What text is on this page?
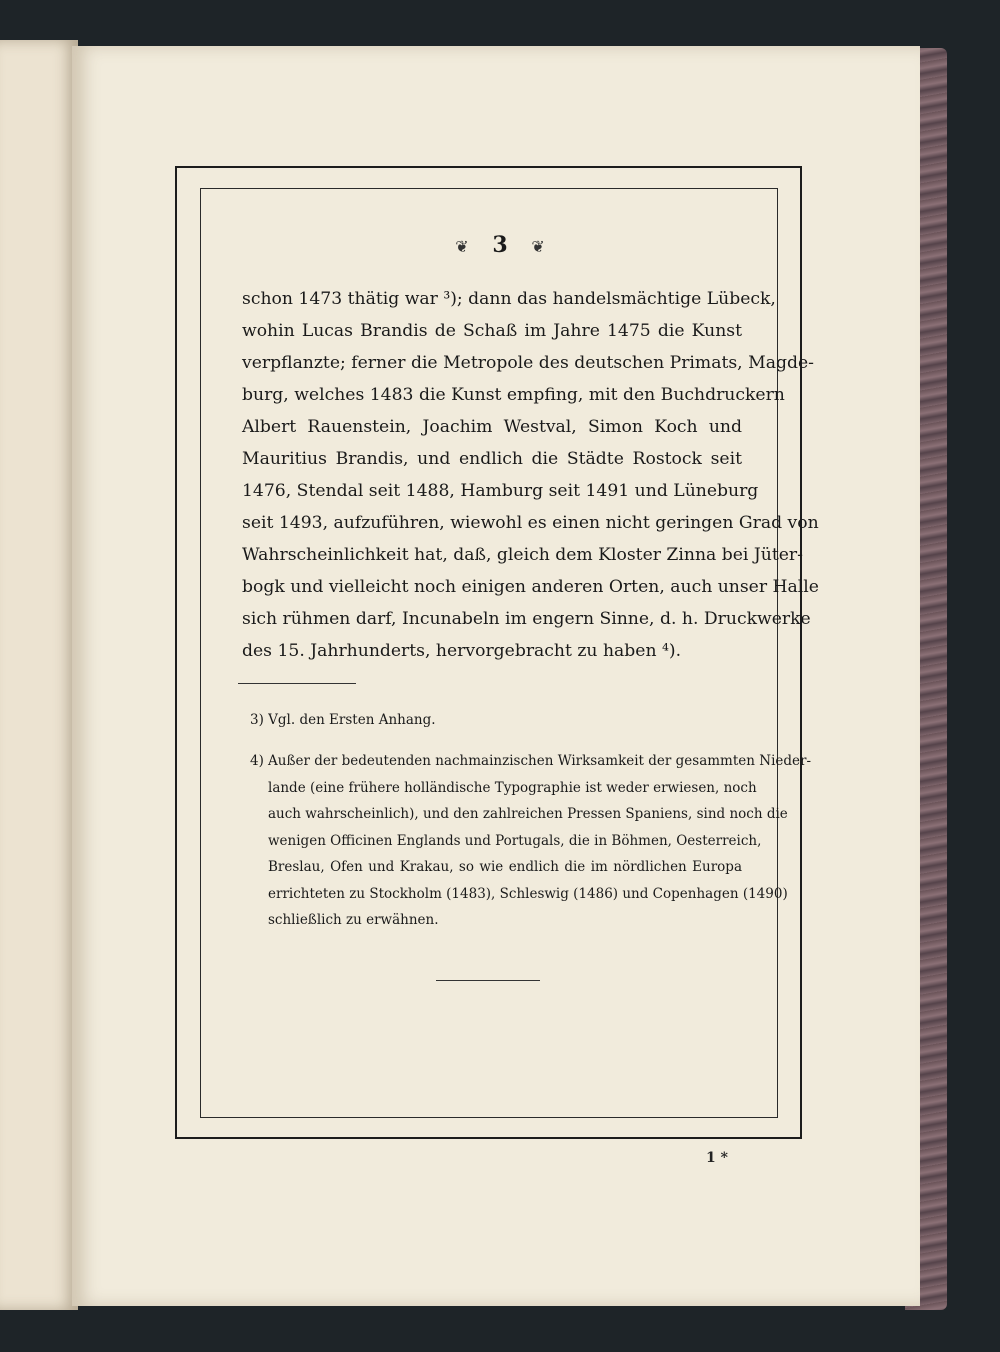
❦ 3 ❦
schon 1473 thätig war ³); dann das handelsmächtige Lübeck,
wohin Lucas Brandis de Schaß im Jahre 1475 die Kunst
verpflanzte; ferner die Metropole des deutschen Primats, Magde-
burg, welches 1483 die Kunst empfing, mit den Buchdruckern
Albert Rauenstein, Joachim Westval, Simon Koch und
Mauritius Brandis, und endlich die Städte Rostock seit
1476, Stendal seit 1488, Hamburg seit 1491 und Lüneburg
seit 1493, aufzuführen, wiewohl es einen nicht geringen Grad von
Wahrscheinlichkeit hat, daß, gleich dem Kloster Zinna bei Jüter-
bogk und vielleicht noch einigen anderen Orten, auch unser Halle
sich rühmen darf, Incunabeln im engern Sinne, d. h. Druckwerke
des 15. Jahrhunderts, hervorgebracht zu haben ⁴).
3) Vgl. den Ersten Anhang.
4) Außer der bedeutenden nachmainzischen Wirksamkeit der gesammten Nieder-
lande (eine frühere holländische Typographie ist weder erwiesen, noch
auch wahrscheinlich), und den zahlreichen Pressen Spaniens, sind noch die
wenigen Officinen Englands und Portugals, die in Böhmen, Oesterreich,
Breslau, Ofen und Krakau, so wie endlich die im nördlichen Europa
errichteten zu Stockholm (1483), Schleswig (1486) und Copenhagen (1490)
schließlich zu erwähnen.
1 *
